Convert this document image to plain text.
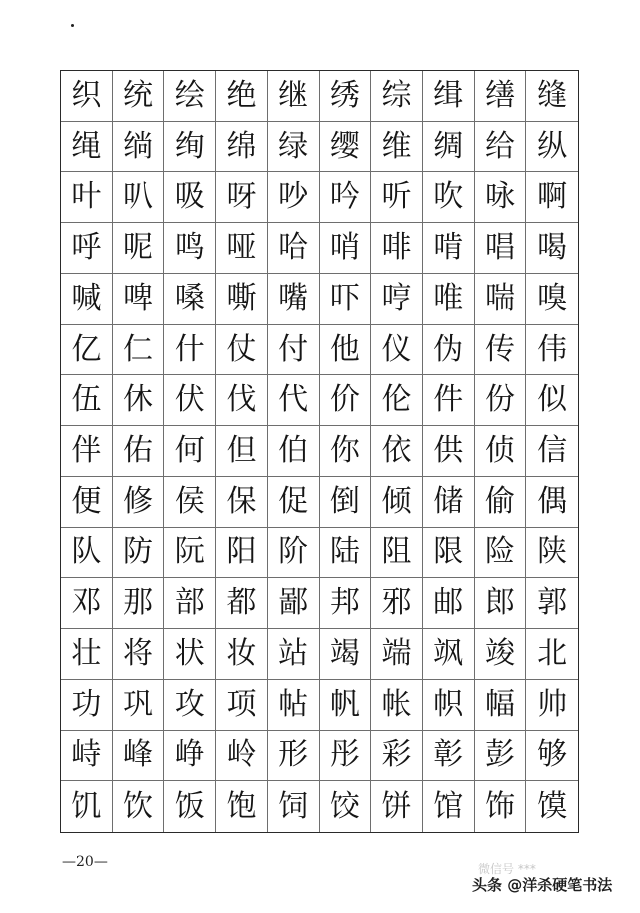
织 统 绘 绝 继 绣 综 缉 缮 缝
绳 绱 绚 绵 绿 缨 维 绸 给 纵
叶 叭 吸 呀 吵 吟 听 吹 咏 啊
呼 呢 鸣 哑 哈 哨 啡 啃 唱 喝
喊 啤 嗓 嘶 嘴 吓 哼 唯 喘 嗅
亿 仁 什 仗 付 他 仪 伪 传 伟
伍 休 伏 伐 代 价 伦 件 份 似
伴 佑 何 但 伯 你 依 供 侦 信
便 修 侯 保 促 倒 倾 储 偷 偶
队 防 阮 阳 阶 陆 阻 限 险 陕
邓 那 部 都 鄙 邦 邪 邮 郎 郭
壮 将 状 妆 站 竭 端 飒 竣 北
功 巩 攻 项 帖 帆 帐 帜 幅 帅
峙 峰 峥 岭 形 彤 彩 彰 彭 够
饥 饮 饭 饱 饲 饺 饼 馆 饰 馍
—20—	微信号 ***
头条 @洋杀硬笔书法
